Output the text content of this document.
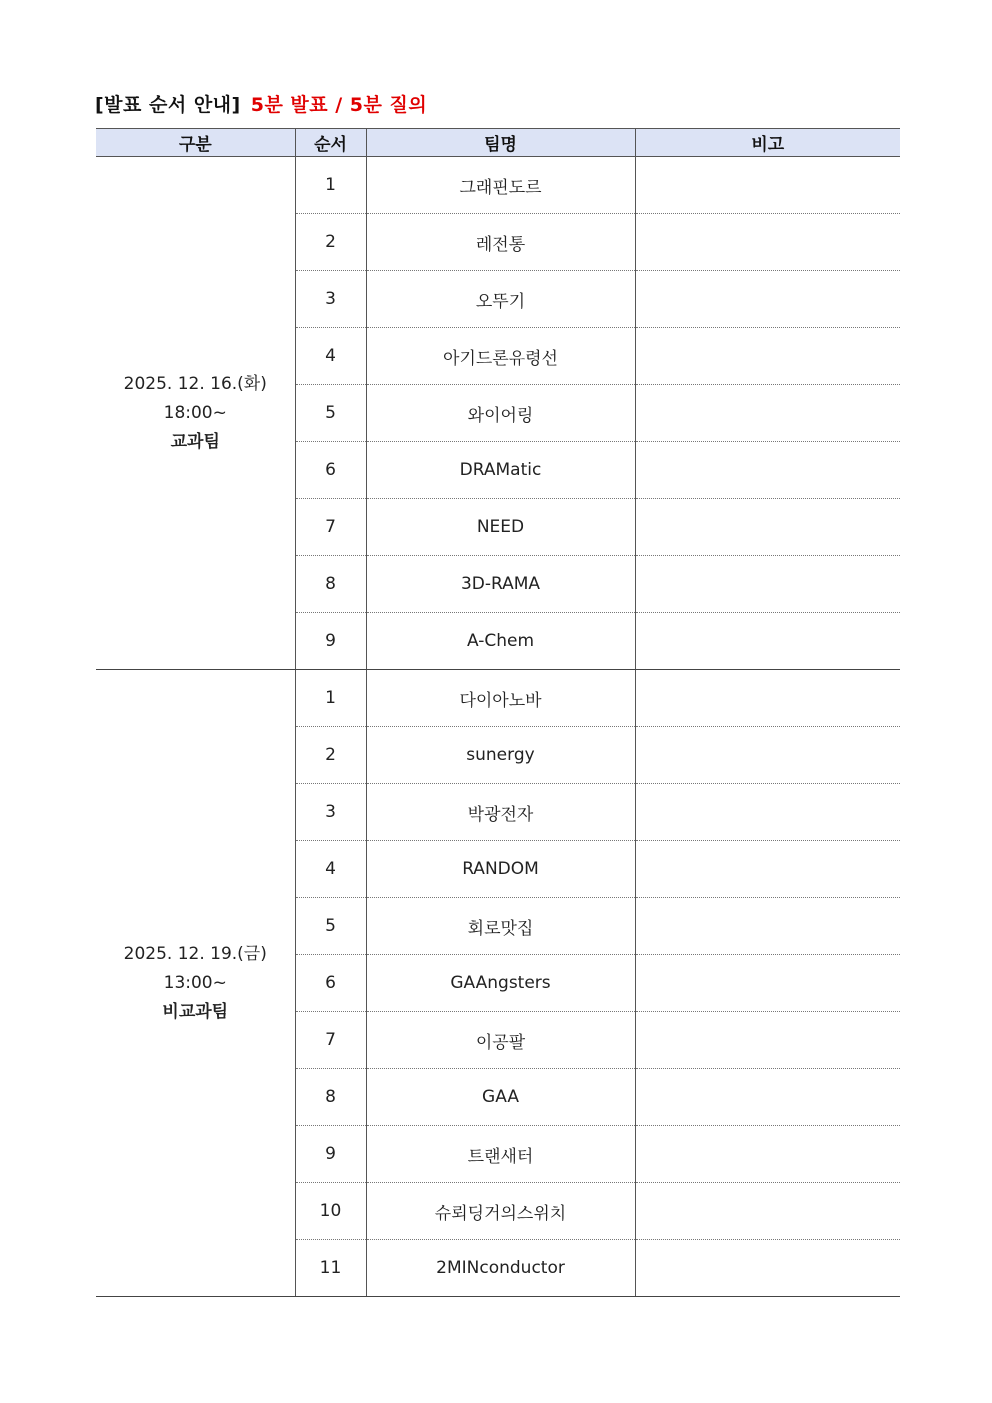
[발표 순서 안내] 5분 발표 / 5분 질의
구분	순서	팀명	비고

2025. 12. 16.(화)
18:00~
교과팀	1	그래핀도르	
	2	레전통	
	3	오뚜기	
	4	아기드론유령선	
	5	와이어링	
	6	DRAMatic	
	7	NEED	
	8	3D-RAMA	
	9	A-Chem	

2025. 12. 19.(금)
13:00~
비교과팀	1	다이아노바	
	2	sunergy	
	3	박광전자	
	4	RANDOM	
	5	회로맛집	
	6	GAAngsters	
	7	이공팔	
	8	GAA	
	9	트랜새터	
	10	슈뢰딩거의스위치	
	11	2MINconductor	
